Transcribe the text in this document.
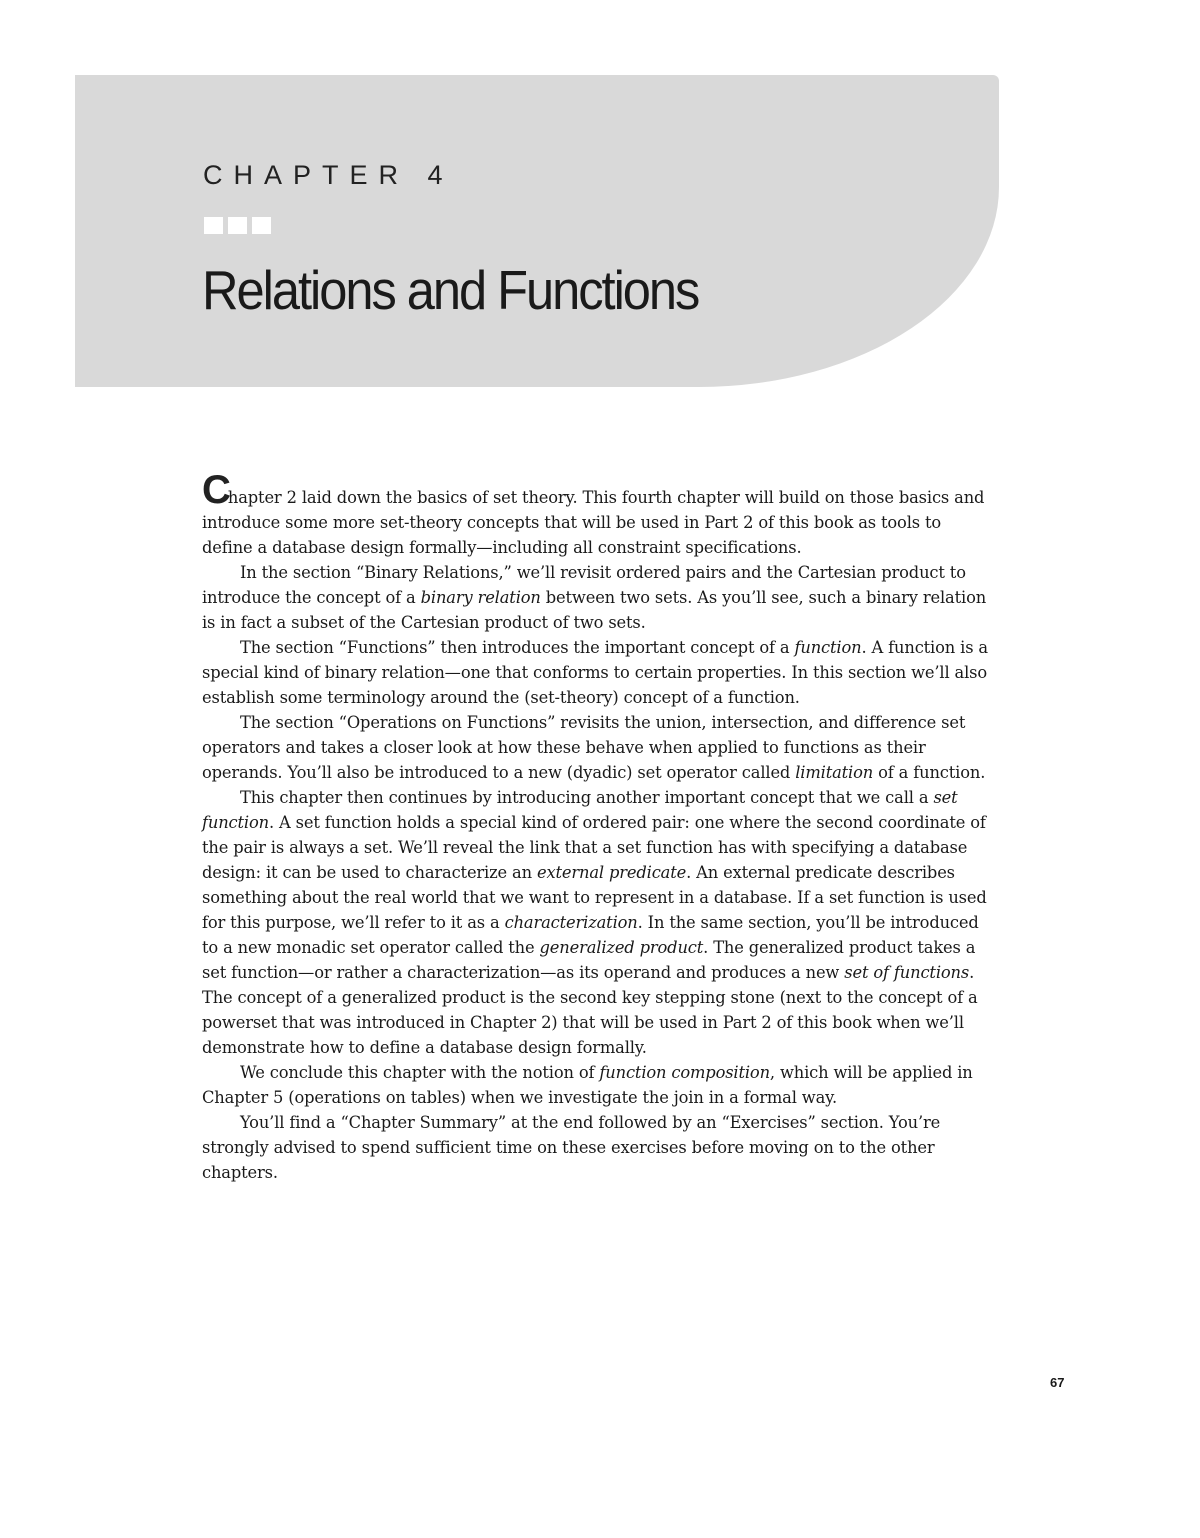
CHAPTER 4
Relations and Functions

Chapter 2 laid down the basics of set theory. This fourth chapter will build on those basics and introduce some more set-theory concepts that will be used in Part 2 of this book as tools to define a database design formally—including all constraint specifications.

In the section “Binary Relations,” we’ll revisit ordered pairs and the Cartesian product to introduce the concept of a binary relation between two sets. As you’ll see, such a binary relation is in fact a subset of the Cartesian product of two sets.

The section “Functions” then introduces the important concept of a function. A function is a special kind of binary relation—one that conforms to certain properties. In this section we’ll also establish some terminology around the (set-theory) concept of a function.

The section “Operations on Functions” revisits the union, intersection, and difference set operators and takes a closer look at how these behave when applied to functions as their operands. You’ll also be introduced to a new (dyadic) set operator called limitation of a function.

This chapter then continues by introducing another important concept that we call a set function. A set function holds a special kind of ordered pair: one where the second coordinate of the pair is always a set. We’ll reveal the link that a set function has with specifying a database design: it can be used to characterize an external predicate. An external predicate describes something about the real world that we want to represent in a database. If a set function is used for this purpose, we’ll refer to it as a characterization. In the same section, you’ll be introduced to a new monadic set operator called the generalized product. The generalized product takes a set function—or rather a characterization—as its operand and produces a new set of functions. The concept of a generalized product is the second key stepping stone (next to the concept of a powerset that was introduced in Chapter 2) that will be used in Part 2 of this book when we’ll demonstrate how to define a database design formally.

We conclude this chapter with the notion of function composition, which will be applied in Chapter 5 (operations on tables) when we investigate the join in a formal way.

You’ll find a “Chapter Summary” at the end followed by an “Exercises” section. You’re strongly advised to spend sufficient time on these exercises before moving on to the other chapters.

67
